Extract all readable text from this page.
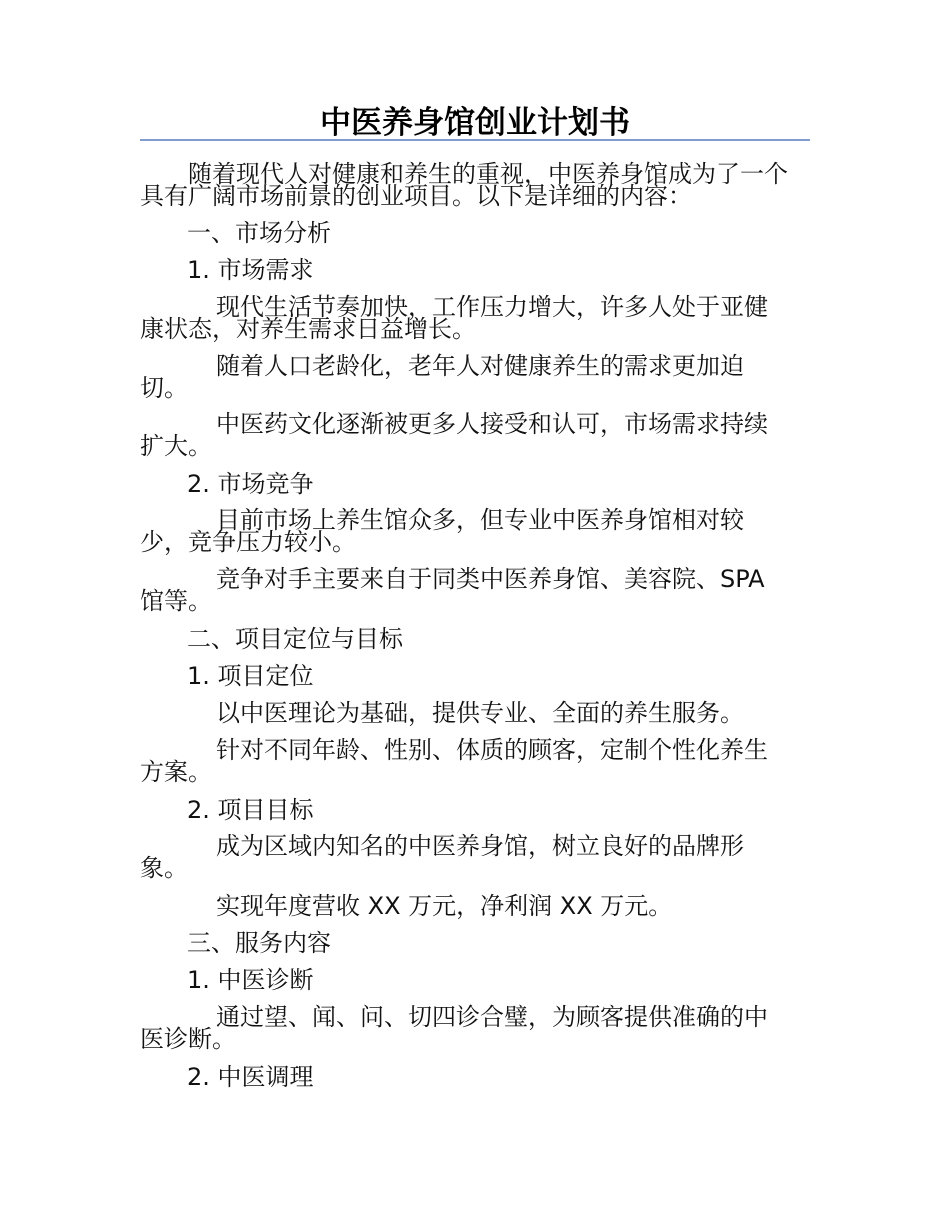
中医养身馆创业计划书
随着现代人对健康和养生的重视，中医养身馆成为了一个
具有广阔市场前景的创业项目。以下是详细的内容：
一、市场分析
1. 市场需求
现代生活节奏加快，工作压力增大，许多人处于亚健
康状态，对养生需求日益增长。
随着人口老龄化，老年人对健康养生的需求更加迫
切。
中医药文化逐渐被更多人接受和认可，市场需求持续
扩大。
2. 市场竞争
目前市场上养生馆众多，但专业中医养身馆相对较
少，竞争压力较小。
竞争对手主要来自于同类中医养身馆、美容院、SPA
馆等。
二、项目定位与目标
1. 项目定位
以中医理论为基础，提供专业、全面的养生服务。
针对不同年龄、性别、体质的顾客，定制个性化养生
方案。
2. 项目目标
成为区域内知名的中医养身馆，树立良好的品牌形
象。
实现年度营收 XX 万元，净利润 XX 万元。
三、服务内容
1. 中医诊断
通过望、闻、问、切四诊合璧，为顾客提供准确的中
医诊断。
2. 中医调理
